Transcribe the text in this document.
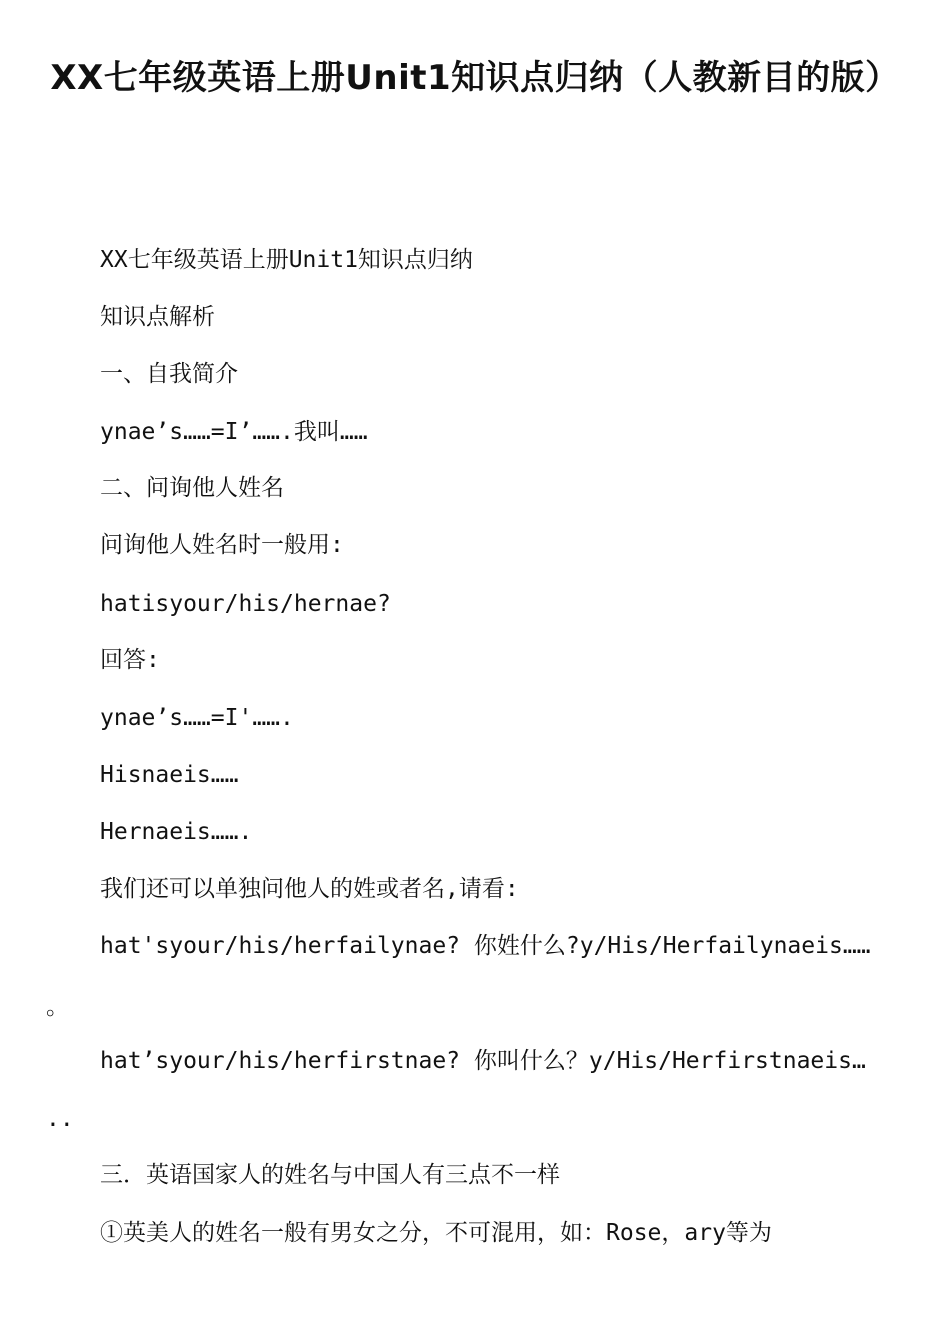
XX七年级英语上册Unit1知识点归纳（人教新目的版）
XX七年级英语上册Unit1知识点归纳
知识点解析
一、自我简介
ynae’s……=I’…….我叫……
二、问询他人姓名
问询他人姓名时一般用:
hatisyour/his/hernae?
回答:
ynae’s……=I'…….
Hisnaeis……
Hernaeis…….
我们还可以单独问他人的姓或者名,请看:
hat'syour/his/herfailynae? 你姓什么?y/His/Herfailynaeis……
。
hat’syour/his/herfirstnae? 你叫什么？y/His/Herfirstnaeis…
..
三．英语国家人的姓名与中国人有三点不一样
①英美人的姓名一般有男女之分，不可混用，如：Rose，ary等为
